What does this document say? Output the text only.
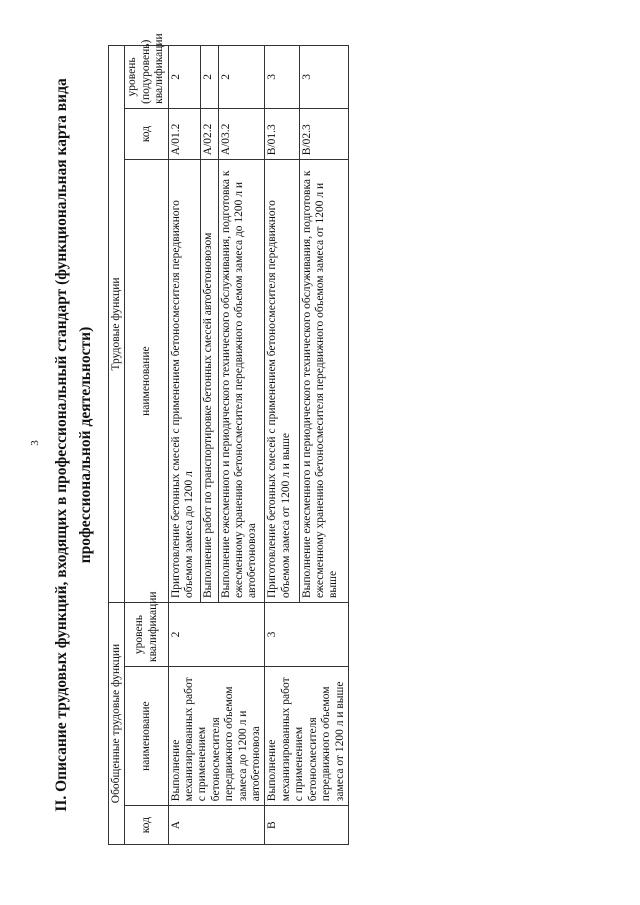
3 II. Описание трудовых функций, входящих в профессиональный стандарт (функциональная карта вида профессиональной деятельности)
Обобщенные трудовые функции			Трудовые функции		
код	наименование	уровень квалификации	наименование	код	уровень (подуровень) квалификации
A	Выполнение механизированных работ с применением бетоносмесителя передвижного объемом замеса до 1200 л и автобетоновоза	2	Приготовление бетонных смесей с применением бетоносмесителя передвижного объемом замеса до 1200 л	A/01.2	2
			Выполнение работ по транспортировке бетонных смесей автобетоновозом	A/02.2	2
			Выполнение ежесменного и периодического технического обслуживания, подготовка к ежесменному хранению бетоносмесителя передвижного объемом замеса до 1200 л и автобетоновоза	A/03.2	2
B	Выполнение механизированных работ с применением бетоносмесителя передвижного объемом замеса от 1200 л и выше	3	Приготовление бетонных смесей с применением бетоносмесителя передвижного объемом замеса от 1200 л и выше	B/01.3	3
			Выполнение ежесменного и периодического технического обслуживания, подготовка к ежесменному хранению бетоносмесителя передвижного объемом замеса от 1200 л и выше	B/02.3	3
